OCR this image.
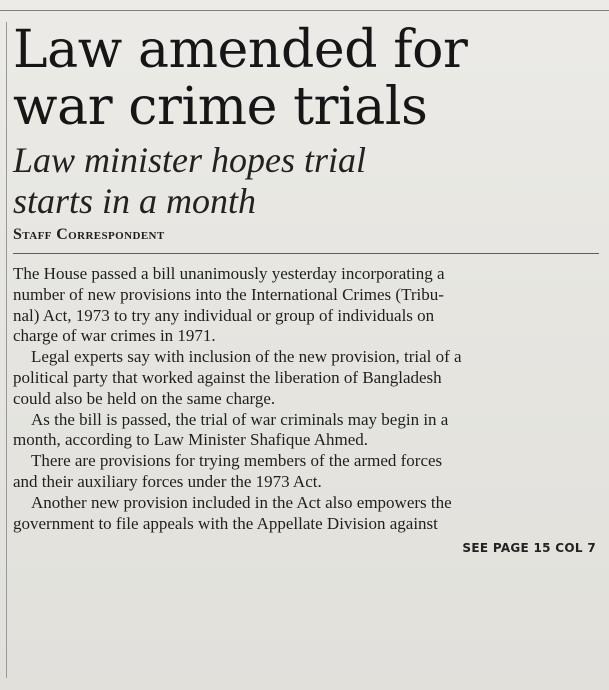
Law amended for
war crime trials
Law minister hopes trial
starts in a month
Staff Correspondent
The House passed a bill unanimously yesterday incorporating a
number of new provisions into the International Crimes (Tribu-
nal) Act, 1973 to try any individual or group of individuals on
charge of war crimes in 1971.
Legal experts say with inclusion of the new provision, trial of a
political party that worked against the liberation of Bangladesh
could also be held on the same charge.
As the bill is passed, the trial of war criminals may begin in a
month, according to Law Minister Shafique Ahmed.
There are provisions for trying members of the armed forces
and their auxiliary forces under the 1973 Act.
Another new provision included in the Act also empowers the
government to file appeals with the Appellate Division against
SEE PAGE 15 COL 7
